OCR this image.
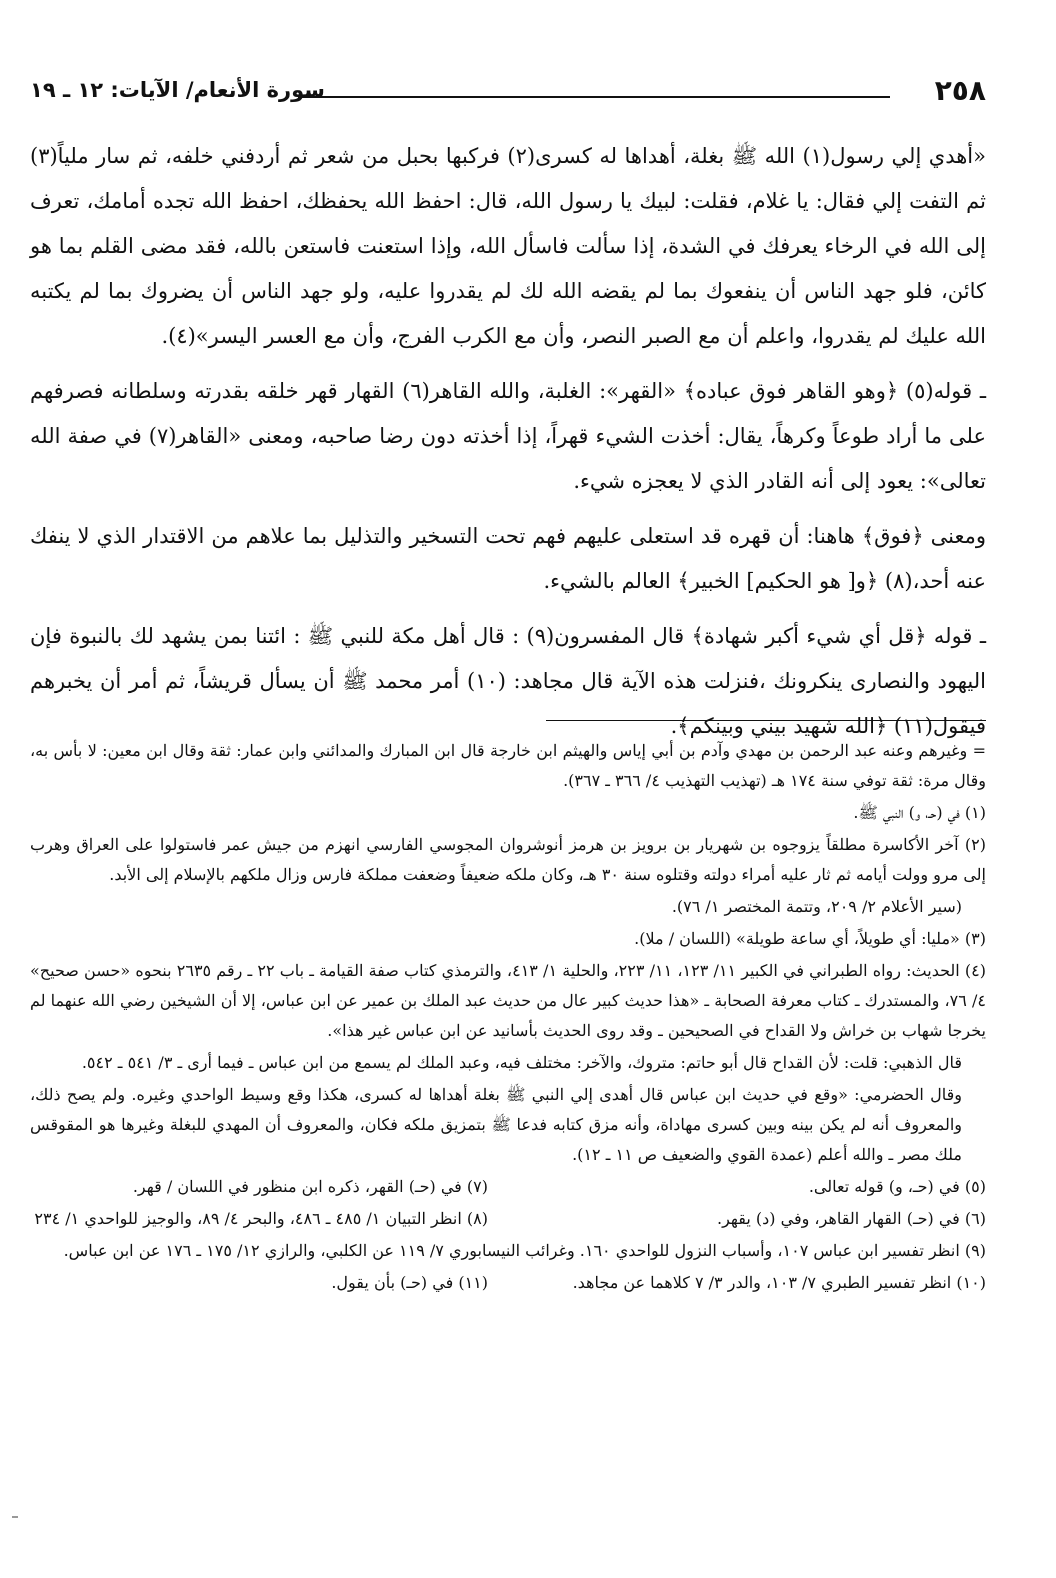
٢٥٨
سورة الأنعام/ الآيات: ١٢ ـ ١٩

«أهدي إلي رسول(١) الله ﷺ بغلة، أهداها له كسرى(٢) فركبها بحبل من شعر ثم أردفني خلفه، ثم سار ملياً(٣) ثم التفت إلي فقال: يا غلام، فقلت: لبيك يا رسول الله، قال: احفظ الله يحفظك، احفظ الله تجده أمامك، تعرف إلى الله في الرخاء يعرفك في الشدة، إذا سألت فاسأل الله، وإذا استعنت فاستعن بالله، فقد مضى القلم بما هو كائن، فلو جهد الناس أن ينفعوك بما لم يقضه الله لك لم يقدروا عليه، ولو جهد الناس أن يضروك بما لم يكتبه الله عليك لم يقدروا، واعلم أن مع الصبر النصر، وأن مع الكرب الفرج، وأن مع العسر اليسر»(٤).

ـ قوله(٥) ﴿وهو القاهر فوق عباده﴾ «القهر»: الغلبة، والله القاهر(٦) القهار قهر خلقه بقدرته وسلطانه فصرفهم على ما أراد طوعاً وكرهاً، يقال: أخذت الشيء قهراً، إذا أخذته دون رضا صاحبه، ومعنى «القاهر(٧) في صفة الله تعالى»: يعود إلى أنه القادر الذي لا يعجزه شيء.

ومعنى ﴿فوق﴾ هاهنا: أن قهره قد استعلى عليهم فهم تحت التسخير والتذليل بما علاهم من الاقتدار الذي لا ينفك عنه أحد،(٨) ﴿و[ هو الحكيم] الخبير﴾ العالم بالشيء.

ـ قوله ﴿قل أي شيء أكبر شهادة﴾ قال المفسرون(٩) : قال أهل مكة للنبي ﷺ : ائتنا بمن يشهد لك بالنبوة فإن اليهود والنصارى ينكرونك ،فنزلت هذه الآية قال مجاهد: (١٠) أمر محمد ﷺ أن يسأل قريشاً، ثم أمر أن يخبرهم فيقول(١١) ﴿الله شهيد بيني وبينكم﴾.

= وغيرهم وعنه عبد الرحمن بن مهدي وآدم بن أبي إياس والهيثم ابن خارجة قال ابن المبارك والمدائني وابن عمار: ثقة وقال ابن معين: لا بأس به، وقال مرة: ثقة توفي سنة ١٧٤ هـ (تهذيب التهذيب ٤/ ٣٦٦ ـ ٣٦٧).

(١) في (حـ، و) النبي ﷺ.

(٢) آخر الأكاسرة مطلقاً يزوجوه بن شهريار بن برويز بن هرمز أنوشروان المجوسي الفارسي انهزم من جيش عمر فاستولوا على العراق وهرب إلى مرو وولت أيامه ثم ثار عليه أمراء دولته وقتلوه سنة ٣٠ هـ، وكان ملكه ضعيفاً وضعفت مملكة فارس وزال ملكهم بالإسلام إلى الأبد.

(سير الأعلام ٢/ ٢٠٩، وتتمة المختصر ١/ ٧٦).

(٣) «مليا: أي طويلاً، أي ساعة طويلة» (اللسان / ملا).

(٤) الحديث: رواه الطبراني في الكبير ١١/ ١٢٣، ١١/ ٢٢٣، والحلية ١/ ٤١٣، والترمذي كتاب صفة القيامة ـ باب ٢٢ ـ رقم ٢٦٣٥ بنحوه «حسن صحيح» ٤/ ٧٦، والمستدرك ـ كتاب معرفة الصحابة ـ «هذا حديث كبير عال من حديث عبد الملك بن عمير عن ابن عباس، إلا أن الشيخين رضي الله عنهما لم يخرجا شهاب بن خراش ولا القداح في الصحيحين ـ وقد روى الحديث بأسانيد عن ابن عباس غير هذا».

قال الذهبي: قلت: لأن القداح قال أبو حاتم: متروك، والآخر: مختلف فيه، وعبد الملك لم يسمع من ابن عباس ـ فيما أرى ـ ٣/ ٥٤١ ـ ٥٤٢.

وقال الحضرمي: «وقع في حديث ابن عباس قال أهدى إلي النبي ﷺ بغلة أهداها له كسرى، هكذا وقع وسيط الواحدي وغيره. ولم يصح ذلك، والمعروف أنه لم يكن بينه وبين كسرى مهاداة، وأنه مزق كتابه فدعا ﷺ بتمزيق ملكه فكان، والمعروف أن المهدي للبغلة وغيرها هو المقوقس ملك مصر ـ والله أعلم (عمدة القوي والضعيف ص ١١ ـ ١٢).

(٥) في (حـ، و) قوله تعالى.
(٧) في (حـ) القهر، ذكره ابن منظور في اللسان / قهر.
(٦) في (حـ) القهار القاهر، وفي (د) يقهر.
(٨) انظر التبيان ١/ ٤٨٥ ـ ٤٨٦، والبحر ٤/ ٨٩، والوجيز للواحدي ١/ ٢٣٤

(٩) انظر تفسير ابن عباس ١٠٧، وأسباب النزول للواحدي ١٦٠. وغرائب النيسابوري ٧/ ١١٩ عن الكلبي، والرازي ١٢/ ١٧٥ ـ ١٧٦ عن ابن عباس.

(١٠) انظر تفسير الطبري ٧/ ١٠٣، والدر ٣/ ٧ كلاهما عن مجاهد.
(١١) في (حـ) بأن يقول.
